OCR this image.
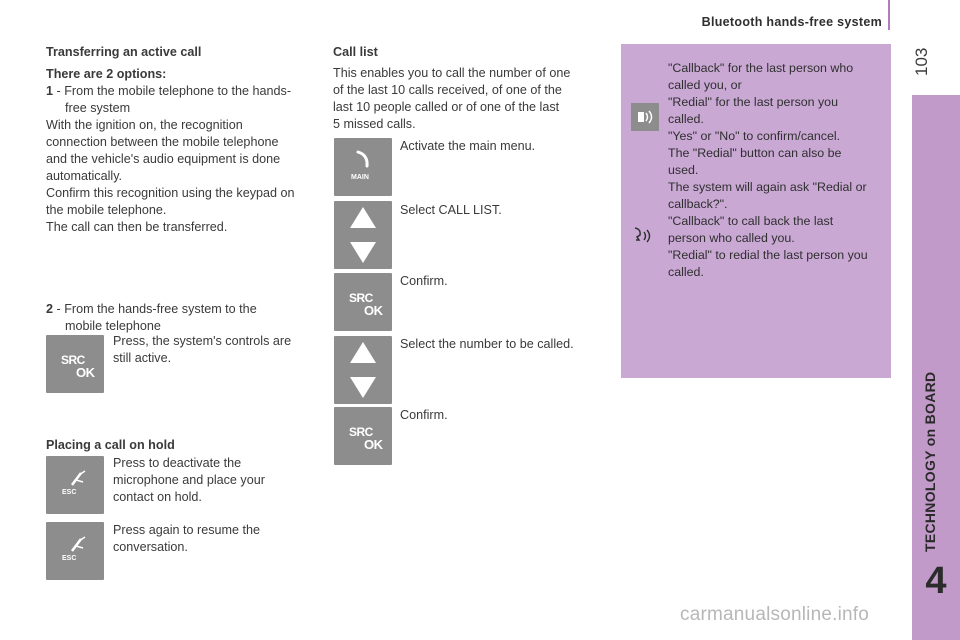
Bluetooth hands-free system
103
TECHNOLOGY on BOARD
4
Transferring an active call
There are 2 options:
1 - From the mobile telephone to the hands-
free system
With the ignition on, the recognition
connection between the mobile telephone
and the vehicle's audio equipment is done
automatically.
Confirm this recognition using the keypad on
the mobile telephone.
The call can then be transferred.
2 - From the hands-free system to the
mobile telephone
SRC
OK
Press, the system's controls are
still active.
Placing a call on hold
ESC
Press to deactivate the
microphone and place your
contact on hold.
ESC
Press again to resume the
conversation.
Call list
This enables you to call the number of one
of the last 10 calls received, of one of the
last 10 people called or of one of the last
5 missed calls.
MAIN
Activate the main menu.
Select CALL LIST.
SRC
OK
Confirm.
Select the number to be called.
SRC
OK
Confirm.
"Callback" for the last person who
called you, or
"Redial" for the last person you
called.
"Yes" or "No" to confirm/cancel.
The "Redial" button can also be
used.
The system will again ask "Redial or
callback?".
"Callback" to call back the last
person who called you.
"Redial" to redial the last person you
called.
carmanualsonline.info
